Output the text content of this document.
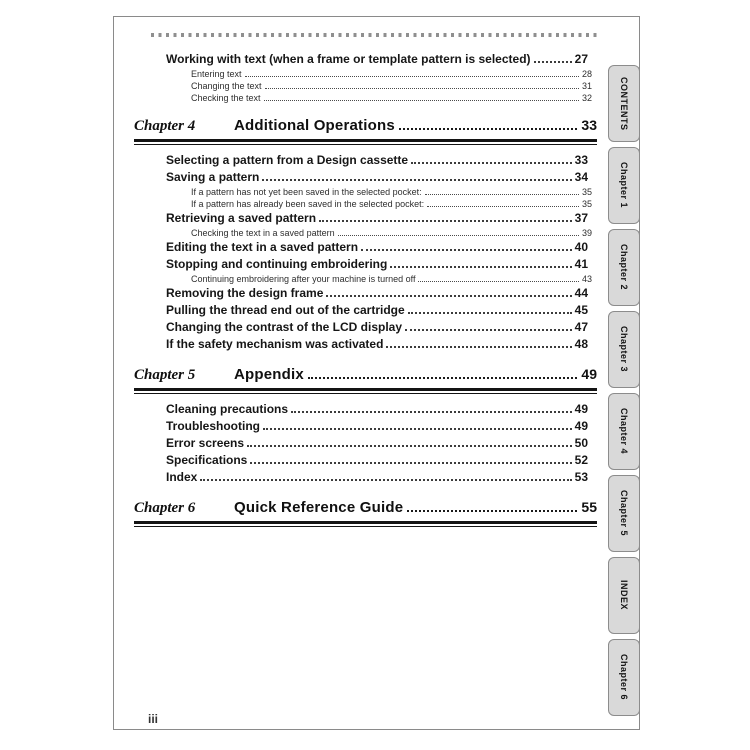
Working with text (when a frame or template pattern is selected)	27
Entering text	28
Changing the text	31
Checking the text	32
Chapter 4	Additional Operations	33
Selecting a pattern from a Design cassette	33
Saving a pattern	34
If a pattern has not yet been saved in the selected pocket:	35
If a pattern has already been saved in the selected pocket:	35
Retrieving a saved pattern	37
Checking the text in a saved pattern	39
Editing the text in a saved pattern	40
Stopping and continuing embroidering	41
Continuing embroidering after your machine is turned off	43
Removing the design frame	44
Pulling the thread end out of the cartridge	45
Changing the contrast of the LCD display	47
If the safety mechanism was activated	48
Chapter 5	Appendix	49
Cleaning precautions	49
Troubleshooting	49
Error screens	50
Specifications	52
Index	53
Chapter 6	Quick Reference Guide	55
iii
CONTENTS
Chapter 1
Chapter 2
Chapter 3
Chapter 4
Chapter 5
INDEX
Chapter 6
